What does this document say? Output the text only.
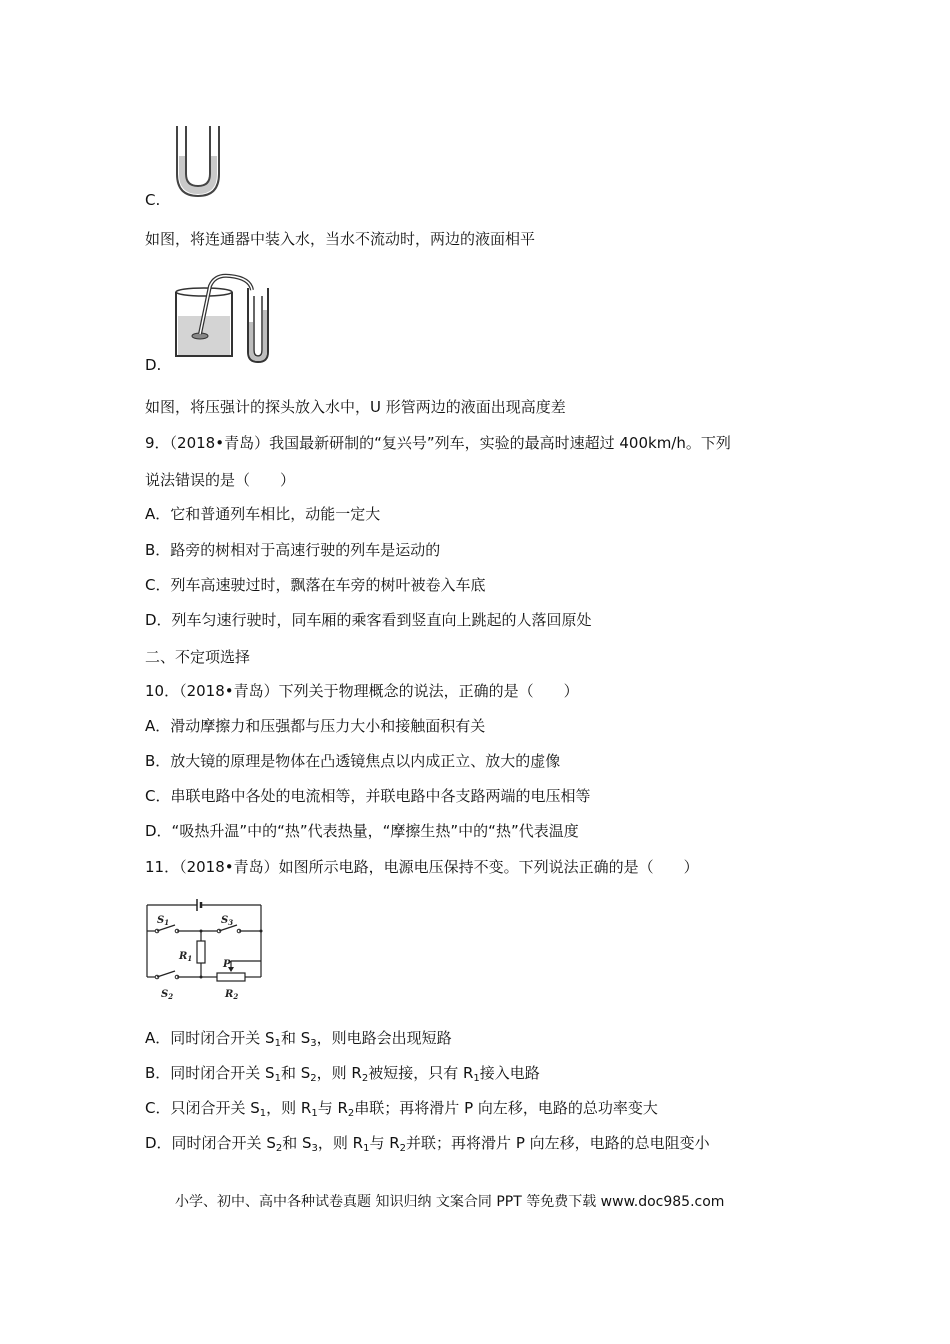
C.
如图，将连通器中装入水，当水不流动时，两边的液面相平
D.
如图，将压强计的探头放入水中，U 形管两边的液面出现高度差
9．（2018•青岛）我国最新研制的“复兴号”列车，实验的最高时速超过 400km/h。下列
说法错误的是（　　）
A．它和普通列车相比，动能一定大
B．路旁的树相对于高速行驶的列车是运动的
C．列车高速驶过时，飘落在车旁的树叶被卷入车底
D．列车匀速行驶时，同车厢的乘客看到竖直向上跳起的人落回原处
二、不定项选择
10．（2018•青岛）下列关于物理概念的说法，正确的是（　　）
A．滑动摩擦力和压强都与压力大小和接触面积有关
B．放大镜的原理是物体在凸透镜焦点以内成正立、放大的虚像
C．串联电路中各处的电流相等，并联电路中各支路两端的电压相等
D．“吸热升温”中的“热”代表热量，“摩擦生热”中的“热”代表温度
11．（2018•青岛）如图所示电路，电源电压保持不变。下列说法正确的是（　　）
$S_1$	$S_3$
$R_1$
$S_2$
P
$R_2$
A．同时闭合开关 $S_1$和 $S_3$，则电路会出现短路
B．同时闭合开关 $S_1$和 $S_2$，则 $R_2$被短接，只有 $R_1$接入电路
C．只闭合开关 $S_1$，则 $R_1$与 $R_2$串联；再将滑片 P 向左移，电路的总功率变大
D．同时闭合开关 $S_2$和 $S_3$，则 $R_1$与 $R_2$并联；再将滑片 P 向左移，电路的总电阻变小
小学、初中、高中各种试卷真题 知识归纳 文案合同 PPT 等免费下载 www.doc985.com
